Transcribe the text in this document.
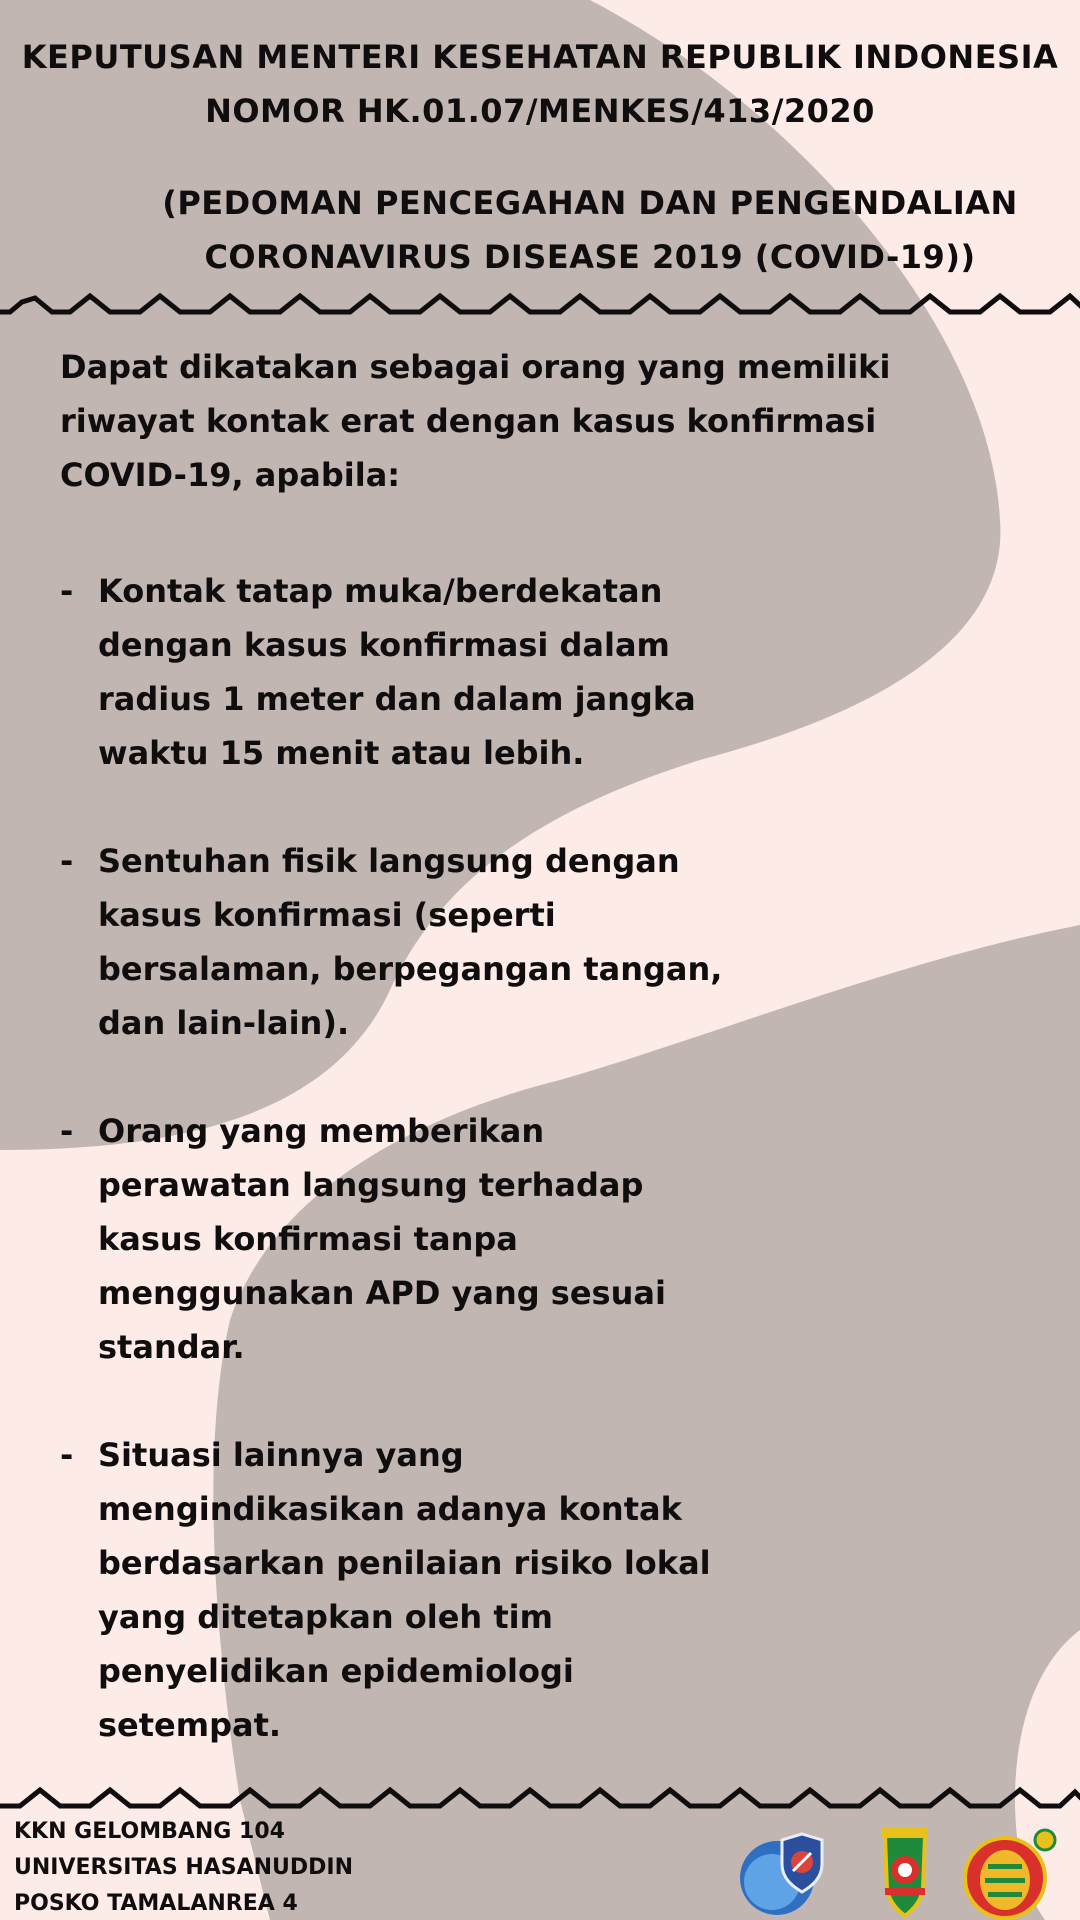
KEPUTUSAN MENTERI KESEHATAN REPUBLIK INDONESIA
NOMOR HK.01.07/MENKES/413/2020
(PEDOMAN PENCEGAHAN DAN PENGENDALIAN
CORONAVIRUS DISEASE 2019 (COVID-19))
Dapat dikatakan sebagai orang yang memiliki
riwayat kontak erat dengan kasus konfirmasi
COVID-19, apabila:
- Kontak tatap muka/berdekatan
dengan kasus konfirmasi dalam
radius 1 meter dan dalam jangka
waktu 15 menit atau lebih.
- Sentuhan fisik langsung dengan
kasus konfirmasi (seperti
bersalaman, berpegangan tangan,
dan lain-lain).
- Orang yang memberikan
perawatan langsung terhadap
kasus konfirmasi tanpa
menggunakan APD yang sesuai
standar.
- Situasi lainnya yang
mengindikasikan adanya kontak
berdasarkan penilaian risiko lokal
yang ditetapkan oleh tim
penyelidikan epidemiologi
setempat.
KKN GELOMBANG 104
UNIVERSITAS HASANUDDIN
POSKO TAMALANREA 4
